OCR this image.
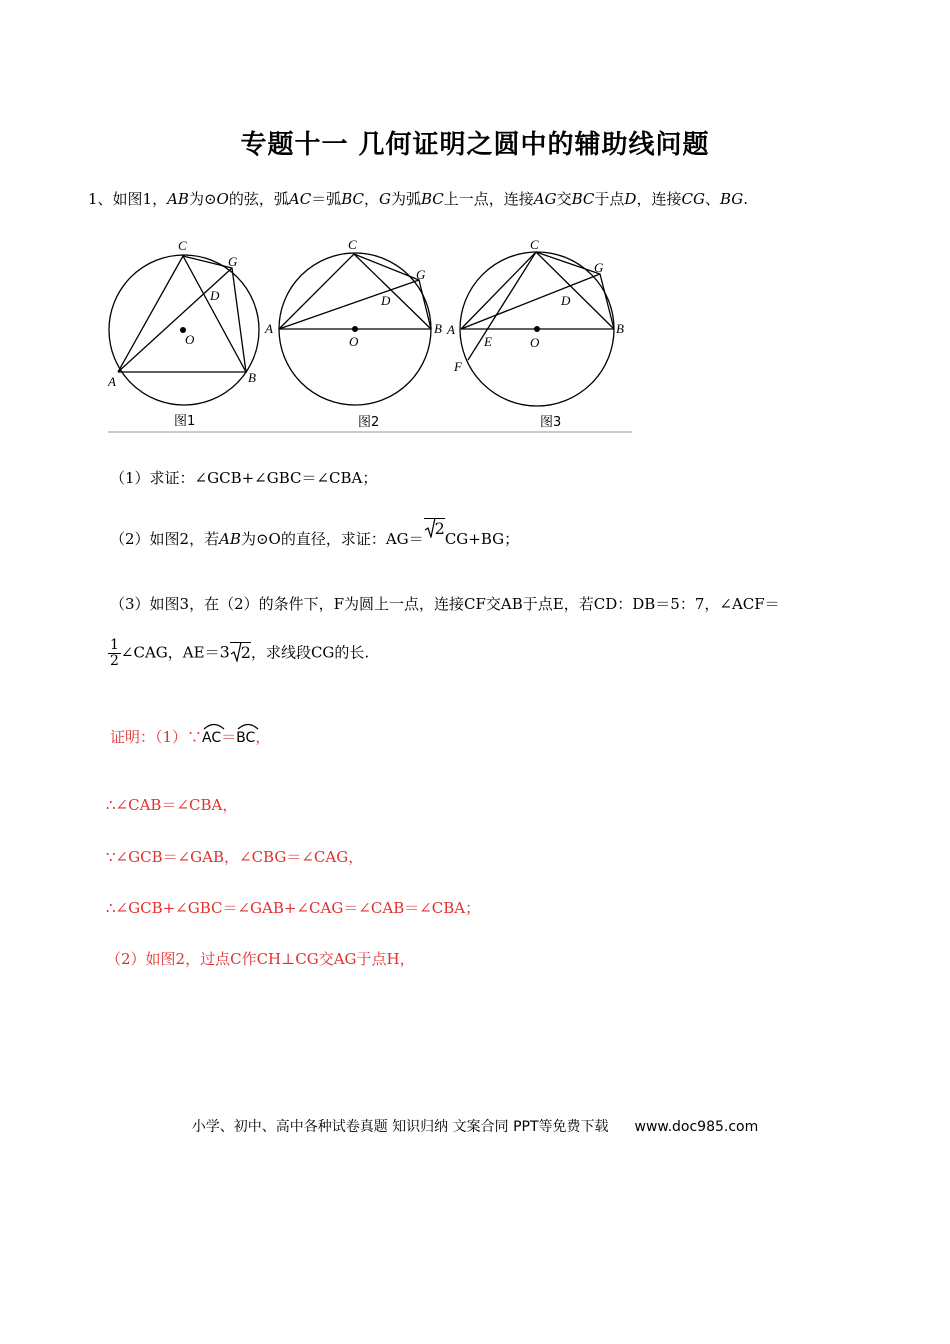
专题十一 几何证明之圆中的辅助线问题
1、如图1，AB为⊙O的弦，弧AC＝弧BC，G为弧BC上一点，连接AG交BC于点D，连接CG、BG.
C
G
D
O
A	B
图1
C
G
D
O
A	B
图2
C
G
D
O
E
A	B
F
图3
（1）求证：∠GCB+∠GBC＝∠CBA；
（2）如图2，若AB为⊙O的直径，求证：AG＝
2CG+BG；
（3）如图3，在（2）的条件下，F为圆上一点，连接CF交AB于点E，若CD：DB＝5：7，∠ACF＝
$\frac{1}{2}$ ∠CAG，AE＝3 2，求线段CG的长.
证明：（1）∵
AC＝
BC，
∴∠CAB＝∠CBA，
∵∠GCB＝∠GAB，∠CBG＝∠CAG，
∴∠GCB+∠GBC＝∠GAB+∠CAG＝∠CAB＝∠CBA；
（2）如图2，过点C作CH⊥CG交AG于点H，
小学、初中、高中各种试卷真题 知识归纳 文案合同 PPT等免费下载 www.doc985.com
